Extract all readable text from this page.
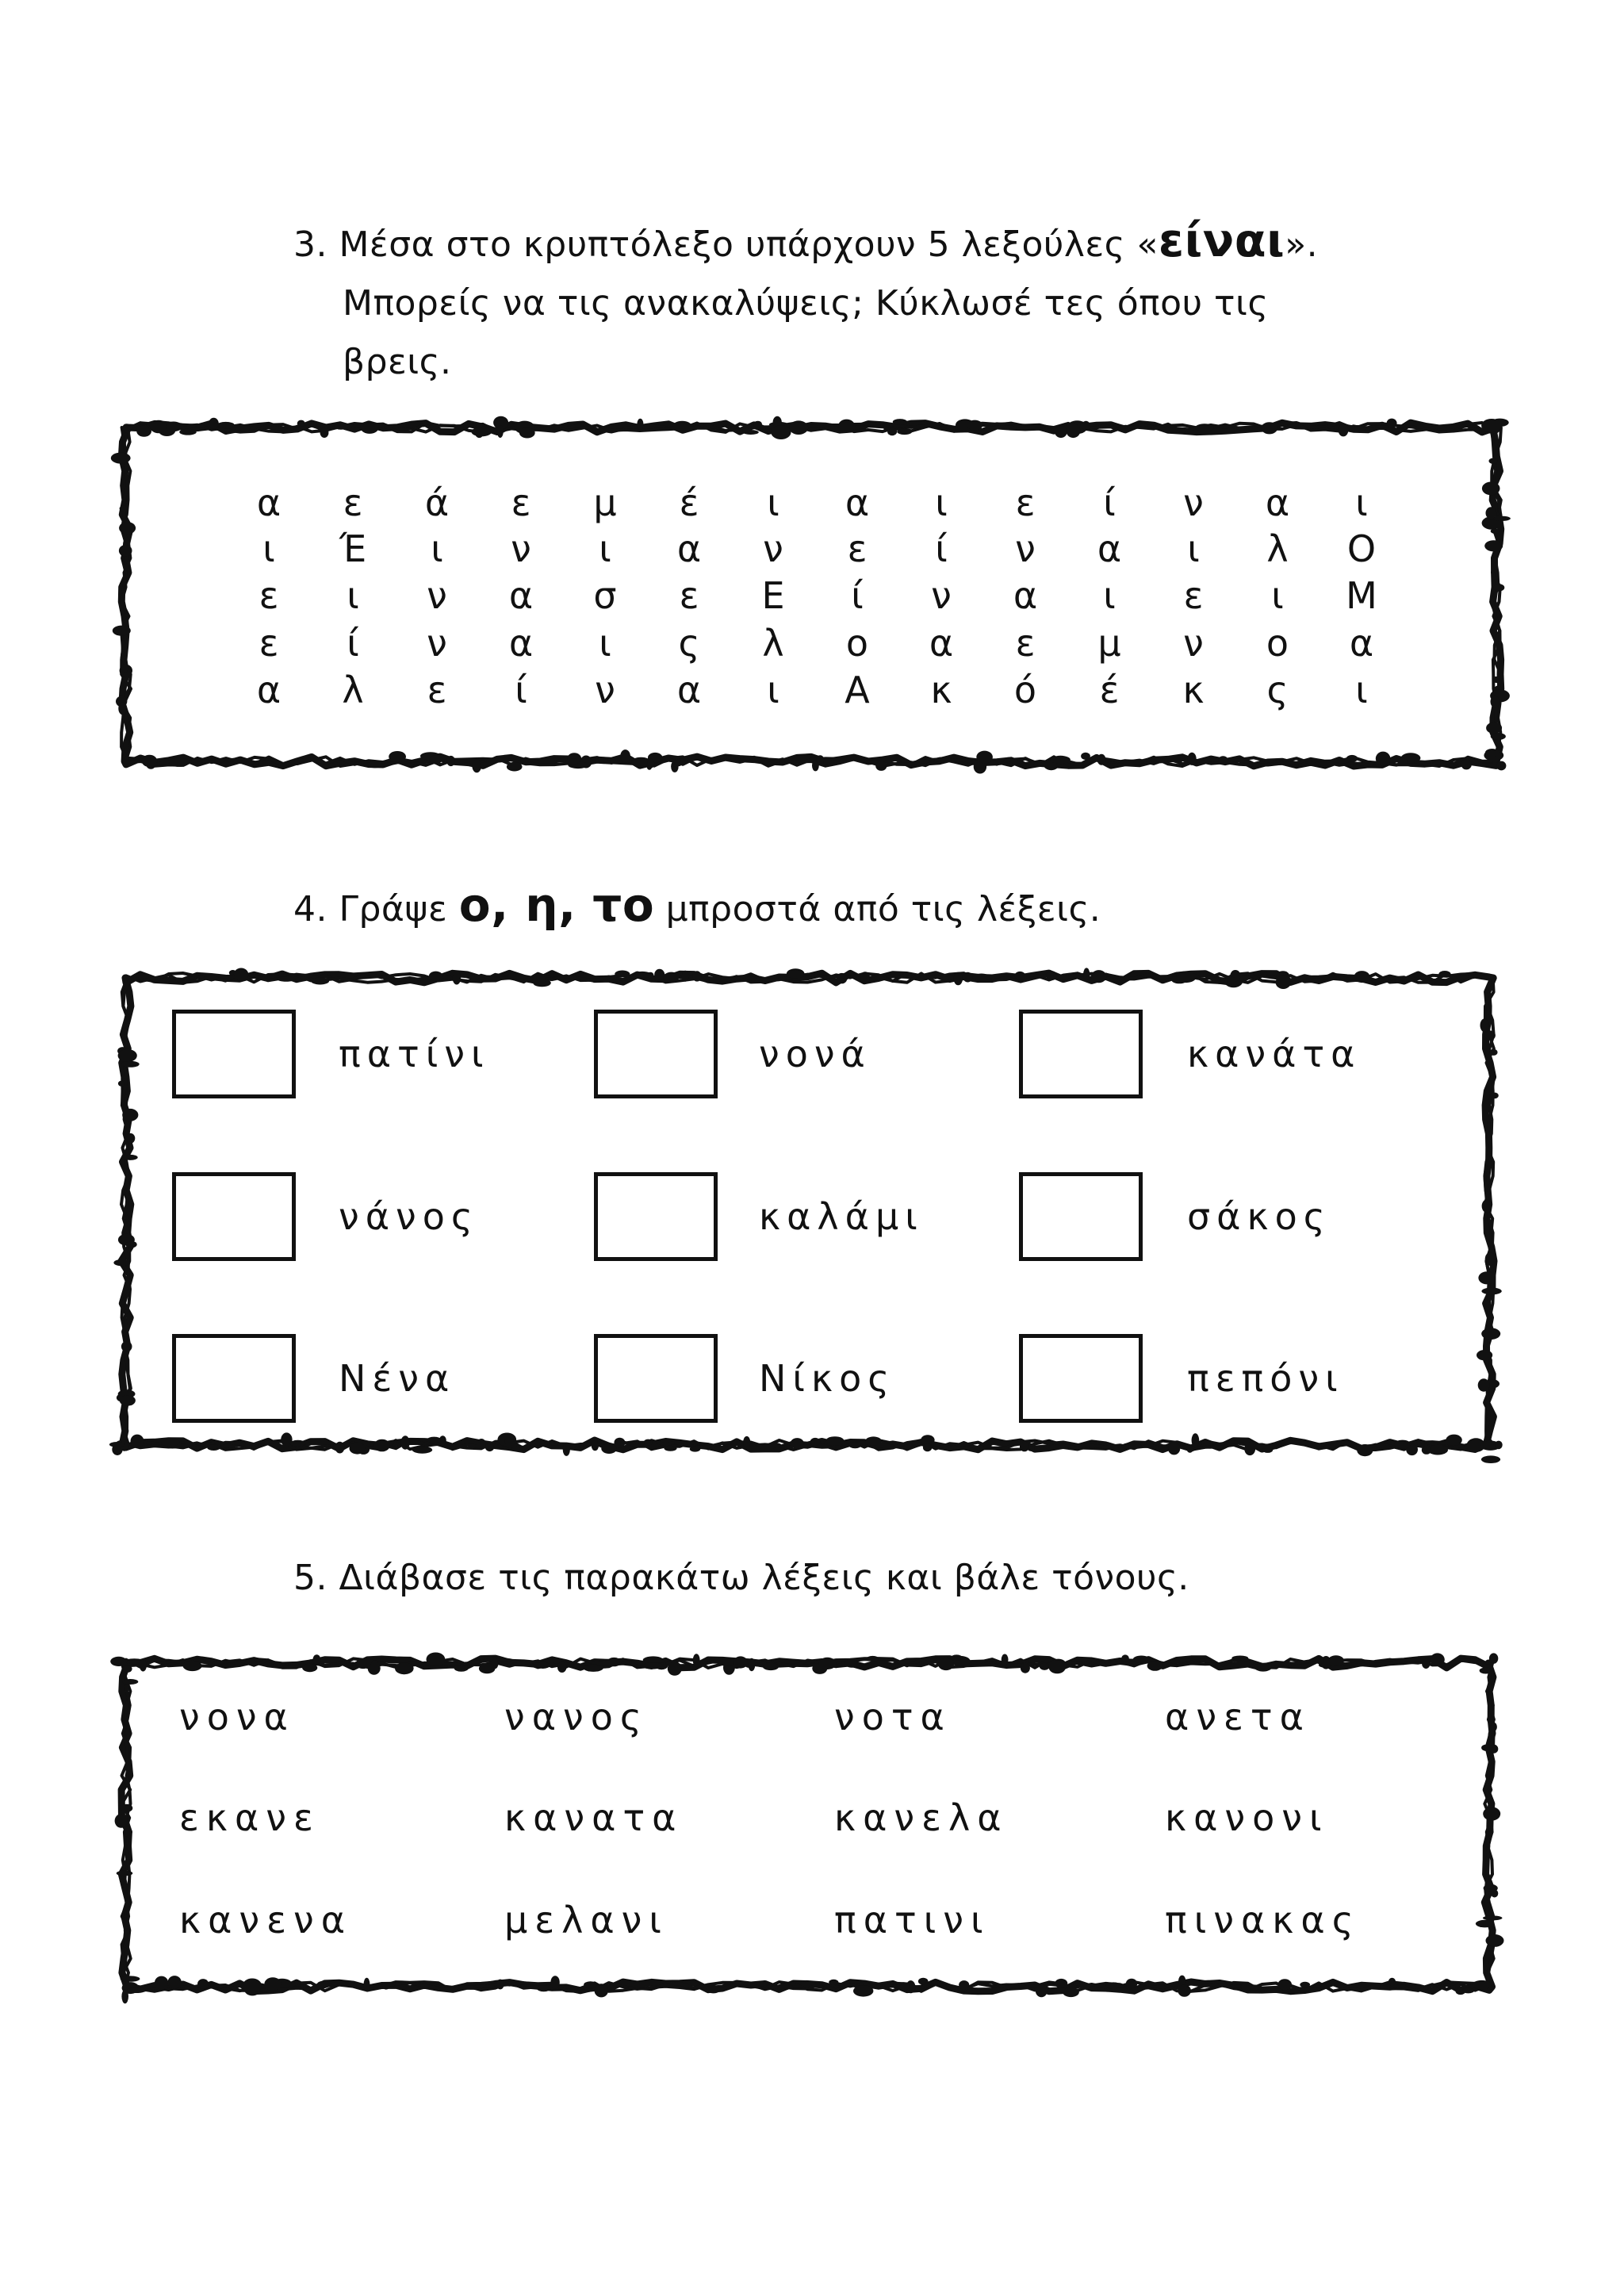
3. Μέσα στο κρυπτόλεξο υπάρχουν 5 λεξούλες «είναι».
Μπορείς να τις ανακαλύψεις; Κύκλωσέ τες όπου τις
βρεις.
α	ε	ά	ε	μ	έ	ι	α	ι	ε	ί	ν	α	ι
ι	Έ	ι	ν	ι	α	ν	ε	ί	ν	α	ι	λ	Ο
ε	ι	ν	α	σ	ε	Ε	ί	ν	α	ι	ε	ι	Μ
ε	ί	ν	α	ι	ς	λ	ο	α	ε	μ	ν	ο	α
α	λ	ε	ί	ν	α	ι	Α	κ	ό	έ	κ	ς	ι
4. Γράψε ο, η, το μπροστά από τις λέξεις.
πατίνι	νονά	κανάτα
νάνος	καλάμι	σάκος
Νένα	Νίκος	πεπόνι
5. Διάβασε τις παρακάτω λέξεις και βάλε τόνους.
νονα	νανος	νοτα	ανετα
εκανε	κανατα	κανελα	κανονι
κανενα	μελανι	πατινι	πινακας
